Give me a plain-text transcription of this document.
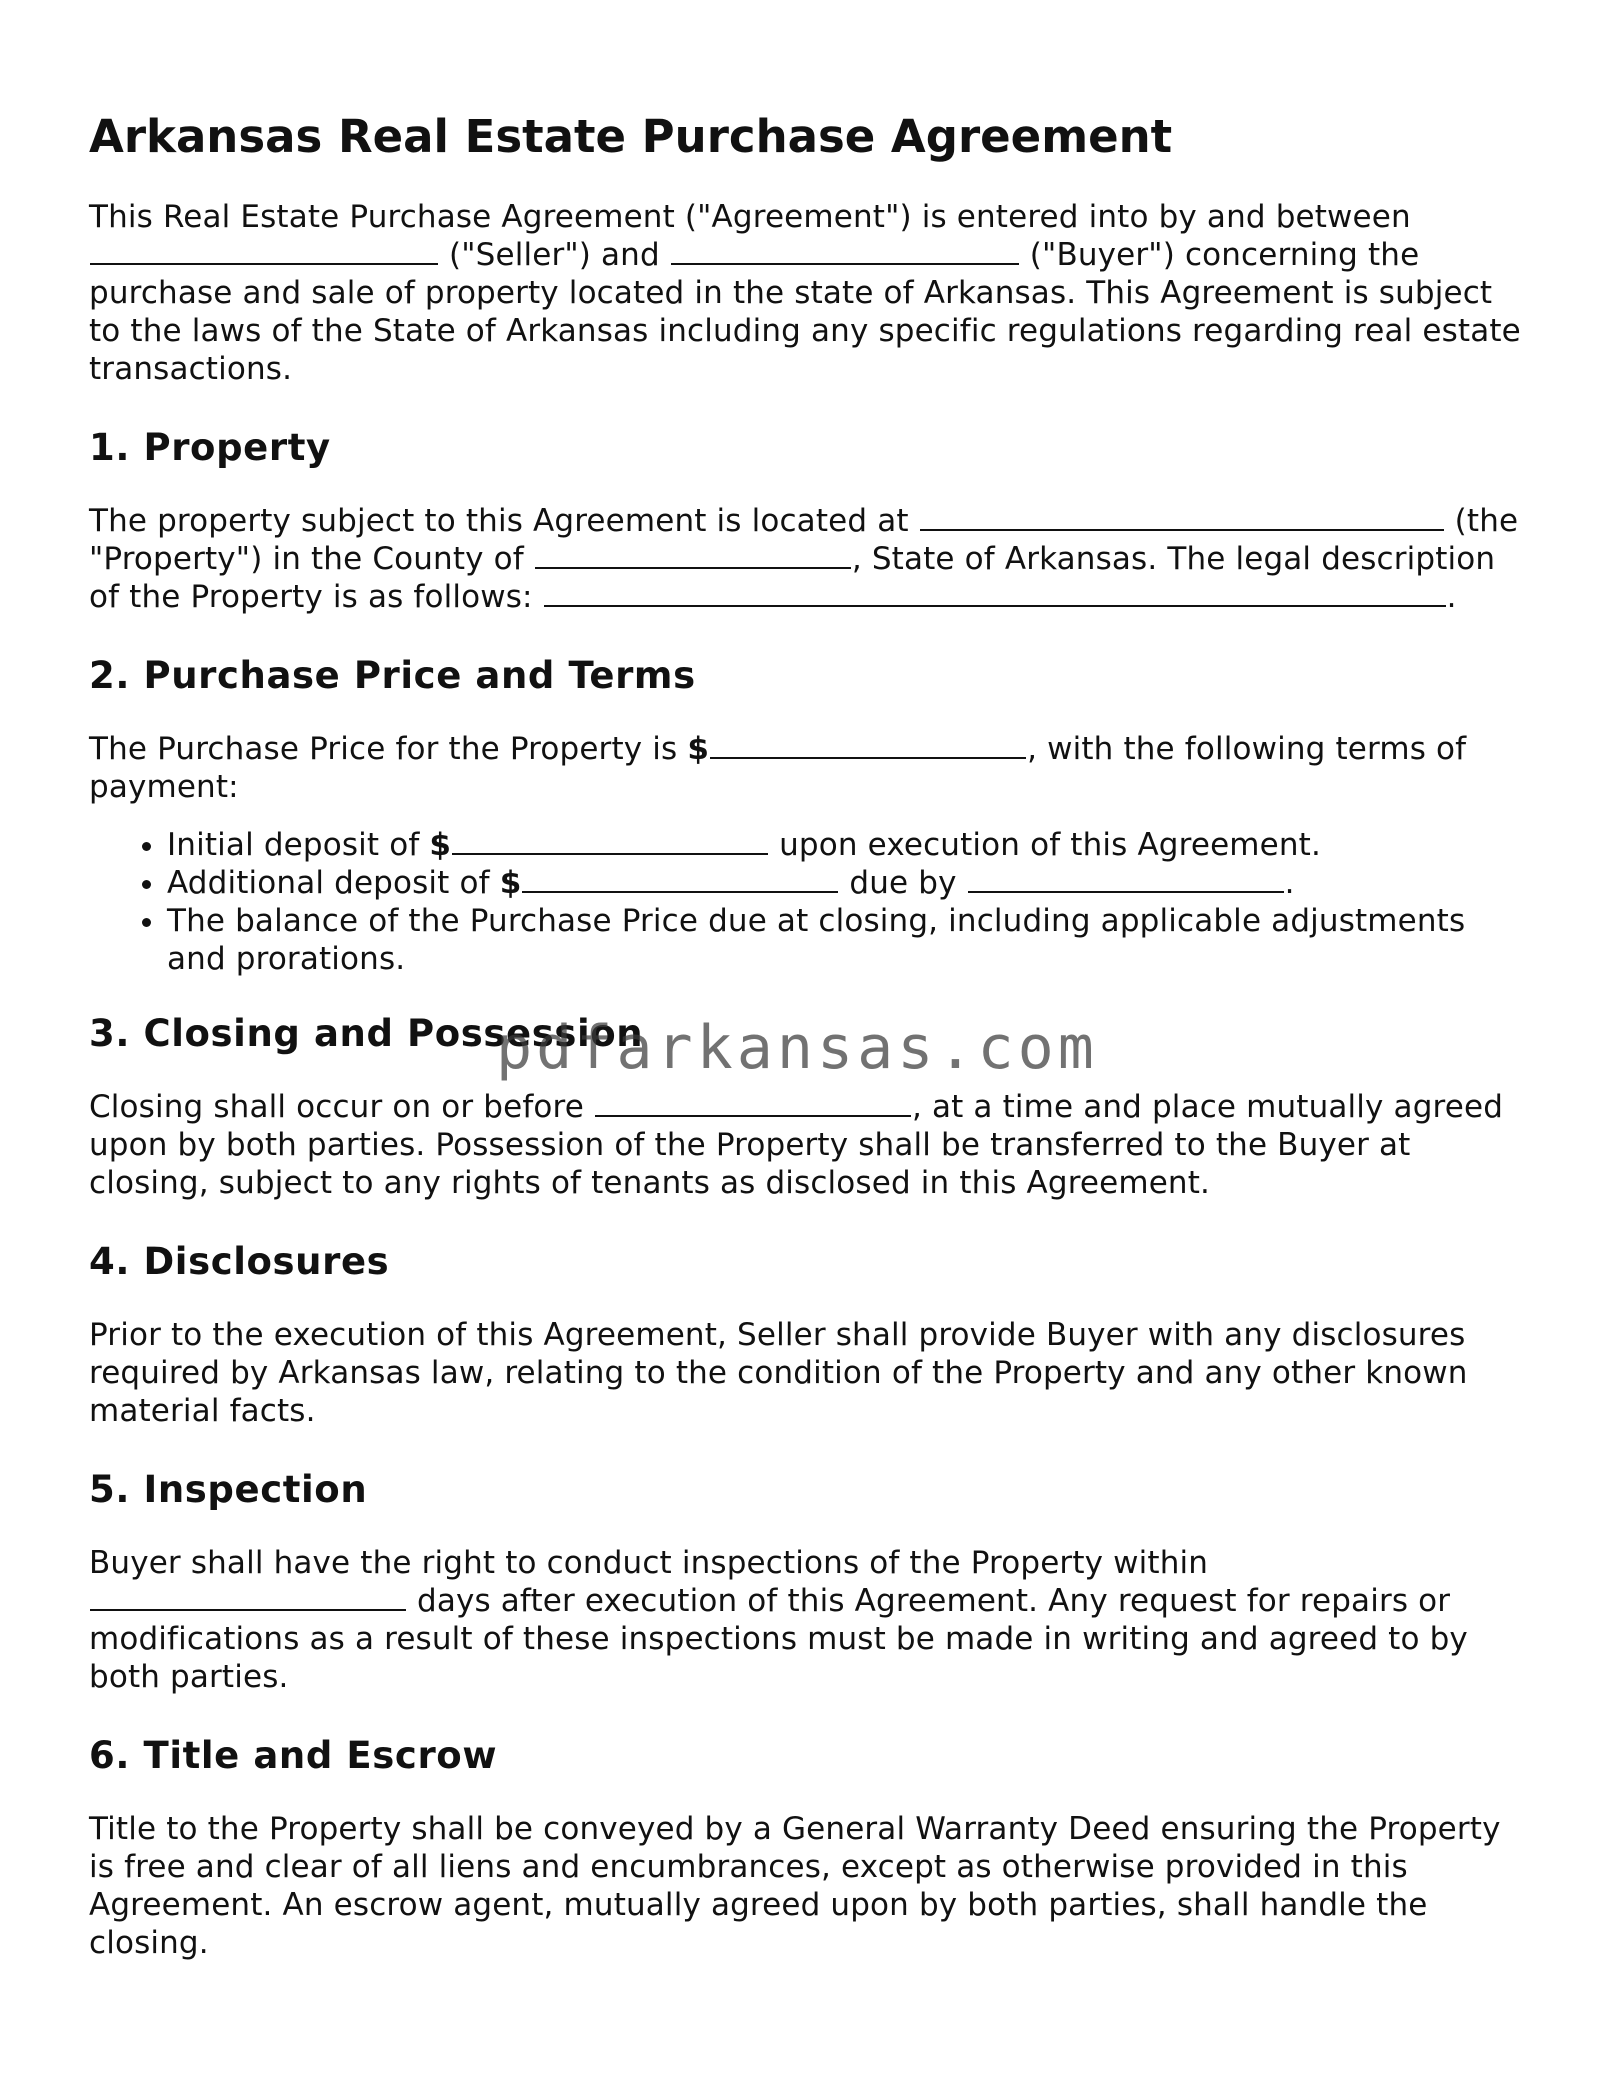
Arkansas Real Estate Purchase Agreement

This Real Estate Purchase Agreement ("Agreement") is entered into by and between
("Seller") and	("Buyer") concerning the purchase and sale of property located in the state of Arkansas. This Agreement is subject to the laws of the State of Arkansas including any specific regulations regarding real estate transactions.

1. Property

The property subject to this Agreement is located at	(the "Property") in the County of	, State of Arkansas. The legal description of the Property is as follows:	.

2. Purchase Price and Terms

The Purchase Price for the Property is $	, with the following terms of payment:

• Initial deposit of $	upon execution of this Agreement.
• Additional deposit of $	due by	.
• The balance of the Purchase Price due at closing, including applicable adjustments and prorations.
3. Closing and Possession

Closing shall occur on or before	, at a time and place mutually agreed upon by both parties. Possession of the Property shall be transferred to the Buyer at closing, subject to any rights of tenants as disclosed in this Agreement.

4. Disclosures

Prior to the execution of this Agreement, Seller shall provide Buyer with any disclosures required by Arkansas law, relating to the condition of the Property and any other known material facts.

5. Inspection

Buyer shall have the right to conduct inspections of the Property within
days after execution of this Agreement. Any request for repairs or modifications as a result of these inspections must be made in writing and agreed to by both parties.

6. Title and Escrow

Title to the Property shall be conveyed by a General Warranty Deed ensuring the Property is free and clear of all liens and encumbrances, except as otherwise provided in this Agreement. An escrow agent, mutually agreed upon by both parties, shall handle the closing.

pdfarkansas.com
